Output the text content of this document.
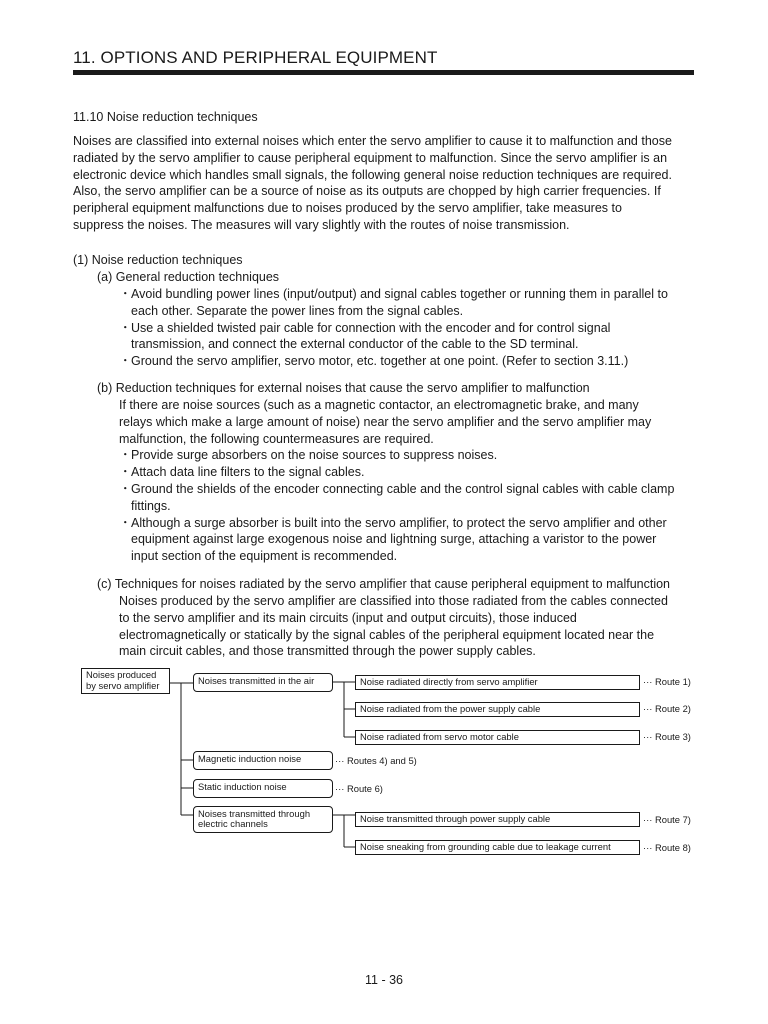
11. OPTIONS AND PERIPHERAL EQUIPMENT
11.10 Noise reduction techniques

Noises are classified into external noises which enter the servo amplifier to cause it to malfunction and those
radiated by the servo amplifier to cause peripheral equipment to malfunction. Since the servo amplifier is an
electronic device which handles small signals, the following general noise reduction techniques are required.
Also, the servo amplifier can be a source of noise as its outputs are chopped by high carrier frequencies. If
peripheral equipment malfunctions due to noises produced by the servo amplifier, take measures to
suppress the noises. The measures will vary slightly with the routes of noise transmission.

(1) Noise reduction techniques
(a) General reduction techniques
・ Avoid bundling power lines (input/output) and signal cables together or running them in parallel to
each other. Separate the power lines from the signal cables.
・ Use a shielded twisted pair cable for connection with the encoder and for control signal
transmission, and connect the external conductor of the cable to the SD terminal.
・ Ground the servo amplifier, servo motor, etc. together at one point. (Refer to section 3.11.)
(b) Reduction techniques for external noises that cause the servo amplifier to malfunction
If there are noise sources (such as a magnetic contactor, an electromagnetic brake, and many
relays which make a large amount of noise) near the servo amplifier and the servo amplifier may
malfunction, the following countermeasures are required.
・ Provide surge absorbers on the noise sources to suppress noises.
・ Attach data line filters to the signal cables.
・ Ground the shields of the encoder connecting cable and the control signal cables with cable clamp
fittings.
・ Although a surge absorber is built into the servo amplifier, to protect the servo amplifier and other
equipment against large exogenous noise and lightning surge, attaching a varistor to the power
input section of the equipment is recommended.
(c) Techniques for noises radiated by the servo amplifier that cause peripheral equipment to malfunction
Noises produced by the servo amplifier are classified into those radiated from the cables connected
to the servo amplifier and its main circuits (input and output circuits), those induced
electromagnetically or statically by the signal cables of the peripheral equipment located near the
main circuit cables, and those transmitted through the power supply cables.
Noises produced
by servo amplifier	Noises transmitted in the air	Noise radiated directly from servo amplifier	··· Route 1)
Noise radiated from the power supply cable	··· Route 2)
Noise radiated from servo motor cable	··· Route 3)
Magnetic induction noise	··· Routes 4) and 5)
Static induction noise	··· Route 6)
Noises transmitted through
electric channels	Noise transmitted through power supply cable	··· Route 7)
Noise sneaking from grounding cable due to leakage current	··· Route 8)
11 - 36
